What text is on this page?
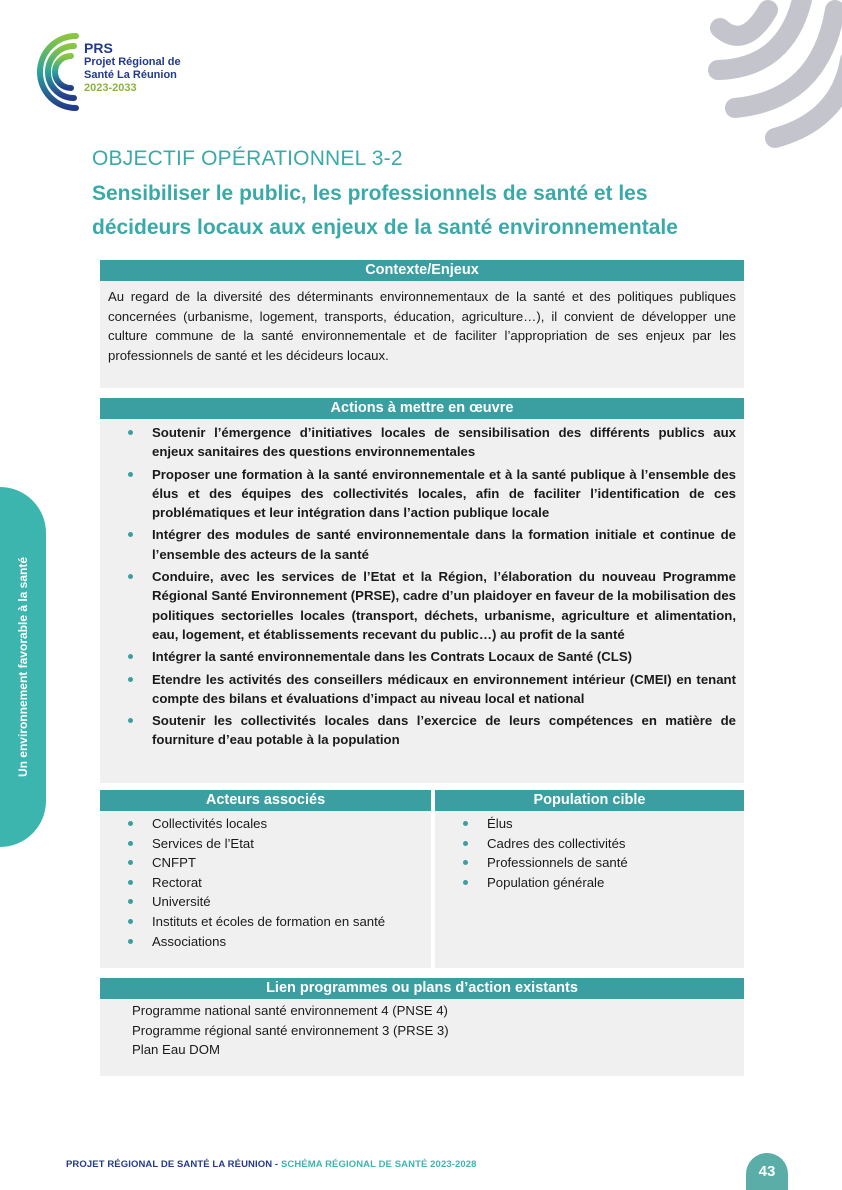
PRS
Projet Régional de
Santé La Réunion
2023-2033
OBJECTIF OPÉRATIONNEL 3-2
Sensibiliser le public, les professionnels de santé et les décideurs locaux aux enjeux de la santé environnementale
Contexte/Enjeux
Au regard de la diversité des déterminants environnementaux de la santé et des politiques publiques concernées (urbanisme, logement, transports, éducation, agriculture…), il convient de développer une culture commune de la santé environnementale et de faciliter l’appropriation de ses enjeux par les professionnels de santé et les décideurs locaux.
Actions à mettre en œuvre
Soutenir l’émergence d’initiatives locales de sensibilisation des différents publics aux enjeux sanitaires des questions environnementales
Proposer une formation à la santé environnementale et à la santé publique à l’ensemble des élus et des équipes des collectivités locales, afin de faciliter l’identification de ces problématiques et leur intégration dans l’action publique locale
Intégrer des modules de santé environnementale dans la formation initiale et continue de l’ensemble des acteurs de la santé
Conduire, avec les services de l’Etat et la Région, l’élaboration du nouveau Programme Régional Santé Environnement (PRSE), cadre d’un plaidoyer en faveur de la mobilisation des politiques sectorielles locales (transport, déchets, urbanisme, agriculture et alimentation, eau, logement, et établissements recevant du public…) au profit de la santé
Intégrer la santé environnementale dans les Contrats Locaux de Santé (CLS)
Etendre les activités des conseillers médicaux en environnement intérieur (CMEI) en tenant compte des bilans et évaluations d’impact au niveau local et national
Soutenir les collectivités locales dans l’exercice de leurs compétences en matière de fourniture d’eau potable à la population
Acteurs associés
Collectivités locales
Services de l’Etat
CNFPT
Rectorat
Université
Instituts et écoles de formation en santé
Associations
Population cible
Élus
Cadres des collectivités
Professionnels de santé
Population générale
Lien programmes ou plans d’action existants
Programme national santé environnement 4 (PNSE 4)
Programme régional santé environnement 3 (PRSE 3)
Plan Eau DOM
Un environnement favorable à la santé
PROJET RÉGIONAL DE SANTÉ LA RÉUNION - SCHÉMA RÉGIONAL DE SANTÉ 2023-2028	43
